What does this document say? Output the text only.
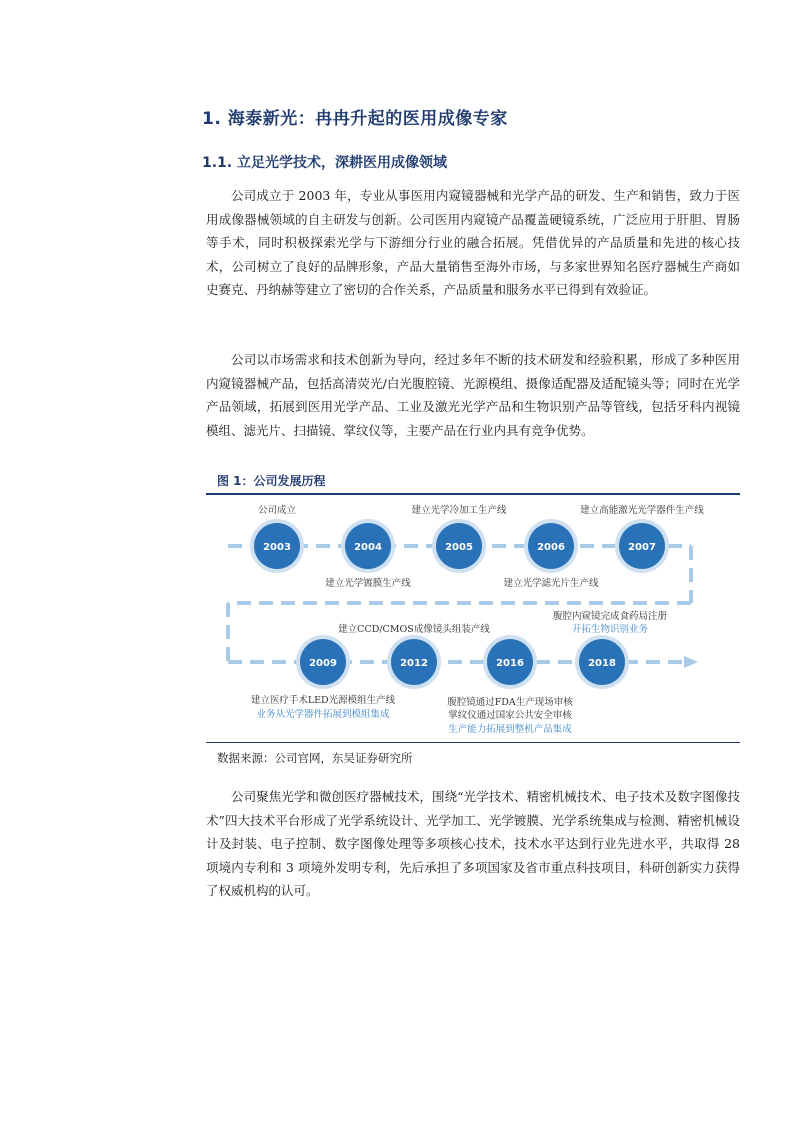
1. 海泰新光：冉冉升起的医用成像专家
1.1. 立足光学技术，深耕医用成像领域

公司成立于 2003 年，专业从事医用内窥镜器械和光学产品的研发、生产和销售，致力于医用成像器械领域的自主研发与创新。公司医用内窥镜产品覆盖硬镜系统，广泛应用于肝胆、胃肠等手术，同时积极探索光学与下游细分行业的融合拓展。凭借优异的产品质量和先进的核心技术，公司树立了良好的品牌形象，产品大量销售至海外市场，与多家世界知名医疗器械生产商如史赛克、丹纳赫等建立了密切的合作关系，产品质量和服务水平已得到有效验证。

公司以市场需求和技术创新为导向，经过多年不断的技术研发和经验积累，形成了多种医用内窥镜器械产品，包括高清荧光/白光腹腔镜、光源模组、摄像适配器及适配镜头等；同时在光学产品领域，拓展到医用光学产品、工业及激光光学产品和生物识别产品等管线，包括牙科内视镜模组、滤光片、扫描镜、掌纹仪等，主要产品在行业内具有竞争优势。

图 1：公司发展历程
2003	2004	2005	2006	2007
公司成立
建立光学镀膜生产线
建立光学冷加工生产线
建立光学滤光片生产线
建立高能激光光学器件生产线
2009	2012	2016	2018
建立CCD/CMOS成像镜头组装产线
腹腔内窥镜完成食药局注册
开拓生物识别业务
建立医疗手术LED光源模组生产线
业务从光学器件拓展到模组集成
腹腔镜通过FDA生产现场审核
掌纹仪通过国家公共安全审核
生产能力拓展到整机产品集成
数据来源：公司官网，东吴证券研究所

公司聚焦光学和微创医疗器械技术，围绕“光学技术、精密机械技术、电子技术及数字图像技术”四大技术平台形成了光学系统设计、光学加工、光学镀膜、光学系统集成与检测、精密机械设计及封装、电子控制、数字图像处理等多项核心技术，技术水平达到行业先进水平，共取得 28 项境内专利和 3 项境外发明专利，先后承担了多项国家及省市重点科技项目，科研创新实力获得了权威机构的认可。
